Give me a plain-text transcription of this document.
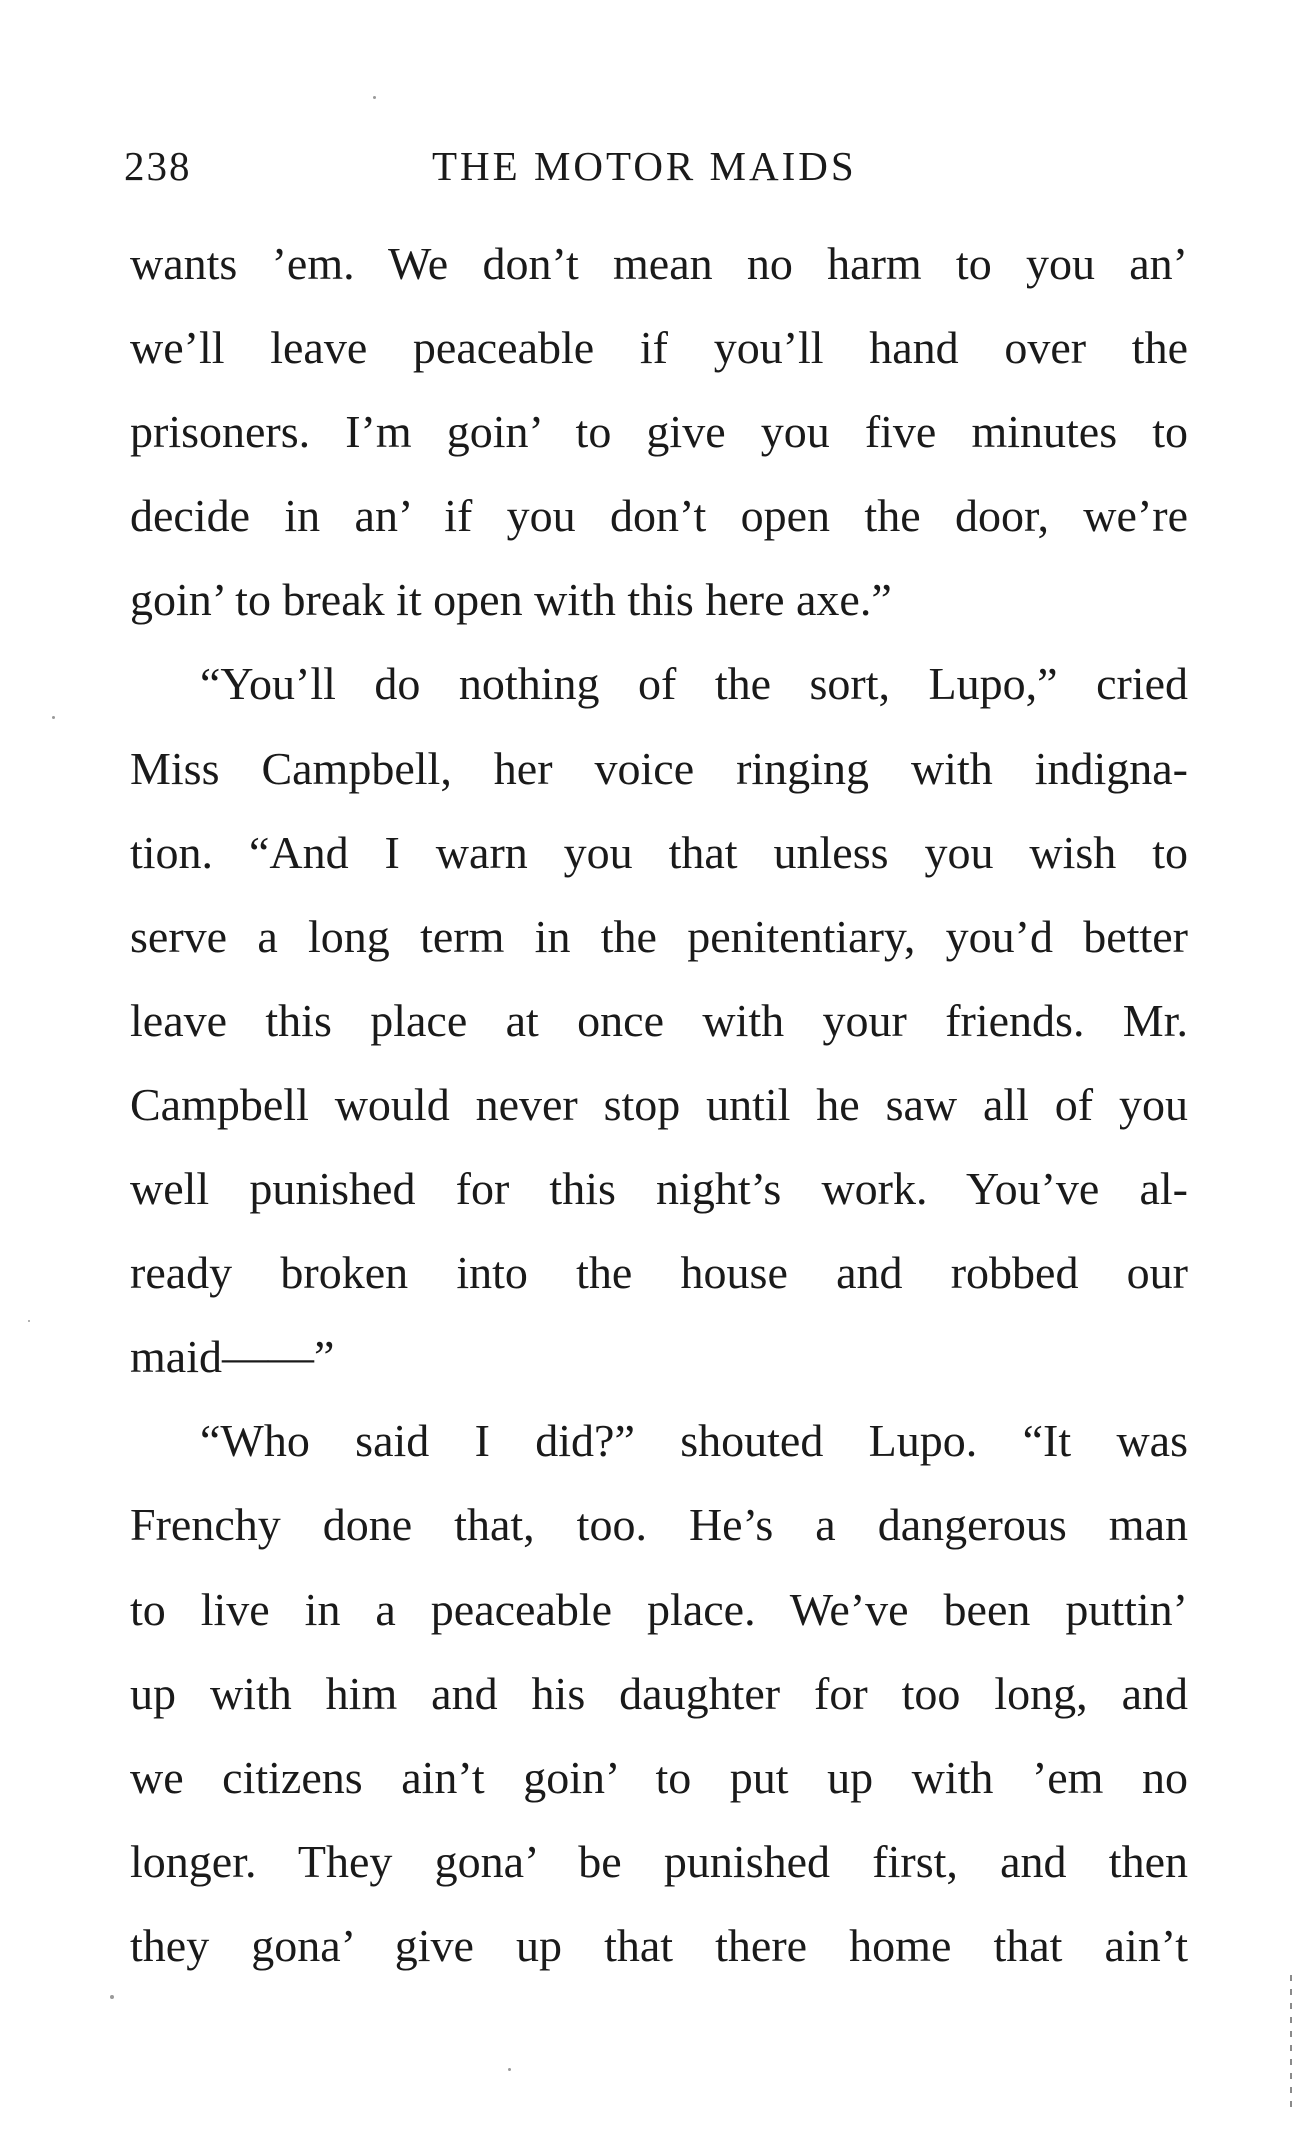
238	THE MOTOR MAIDS
wants ’em. We don’t mean no harm to you an’
we’ll leave peaceable if you’ll hand over the
prisoners. I’m goin’ to give you five minutes to
decide in an’ if you don’t open the door, we’re
goin’ to break it open with this here axe.”
“You’ll do nothing of the sort, Lupo,” cried
Miss Campbell, her voice ringing with indigna-
tion. “And I warn you that unless you wish to
serve a long term in the penitentiary, you’d better
leave this place at once with your friends. Mr.
Campbell would never stop until he saw all of you
well punished for this night’s work. You’ve al-
ready broken into the house and robbed our
maid——”
“Who said I did?” shouted Lupo. “It was
Frenchy done that, too. He’s a dangerous man
to live in a peaceable place. We’ve been puttin’
up with him and his daughter for too long, and
we citizens ain’t goin’ to put up with ’em no
longer. They gona’ be punished first, and then
they gona’ give up that there home that ain’t
